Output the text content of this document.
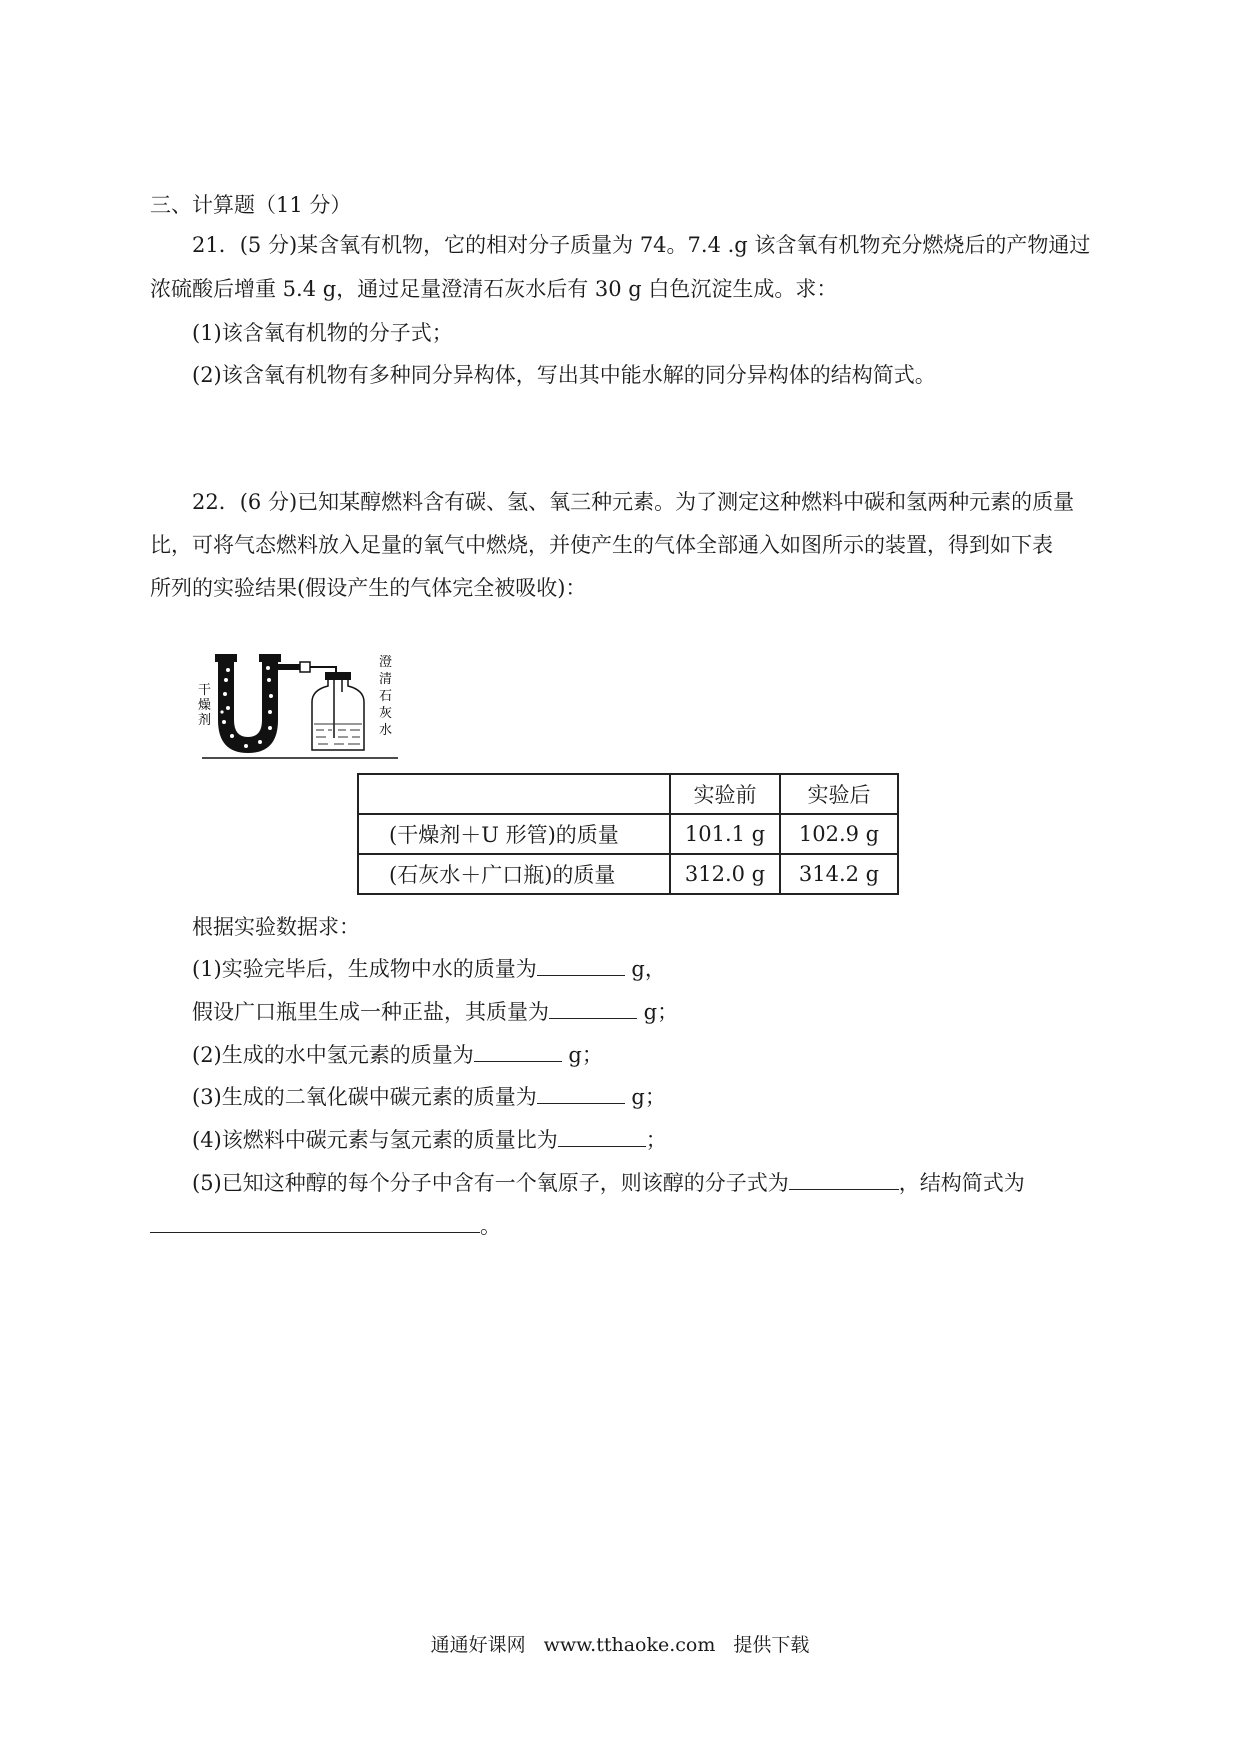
三、计算题（11 分）
21．(5 分)某含氧有机物，它的相对分子质量为 74。7.4 .g 该含氧有机物充分燃烧后的产物通过
浓硫酸后增重 5.4 g，通过足量澄清石灰水后有 30 g 白色沉淀生成。求：
(1)该含氧有机物的分子式；
(2)该含氧有机物有多种同分异构体，写出其中能水解的同分异构体的结构简式。
22．(6 分)已知某醇燃料含有碳、氢、氧三种元素。为了测定这种燃料中碳和氢两种元素的质量
比，可将气态燃料放入足量的氧气中燃烧，并使产生的气体全部通入如图所示的装置，得到如下表
所列的实验结果(假设产生的气体完全被吸收)：
干
燥
剂
澄
清
石
灰
水
	实验前	实验后
(干燥剂＋U 形管)的质量	101.1 g	102.9 g
(石灰水＋广口瓶)的质量	312.0 g	314.2 g
根据实验数据求：
(1)实验完毕后，生成物中水的质量为	g，
假设广口瓶里生成一种正盐，其质量为	g；
(2)生成的水中氢元素的质量为	g；
(3)生成的二氧化碳中碳元素的质量为	g；
(4)该燃料中碳元素与氢元素的质量比为	；
(5)已知这种醇的每个分子中含有一个氧原子，则该醇的分子式为	，结构简式为
。
通通好课网 www.tthaoke.com 提供下载
